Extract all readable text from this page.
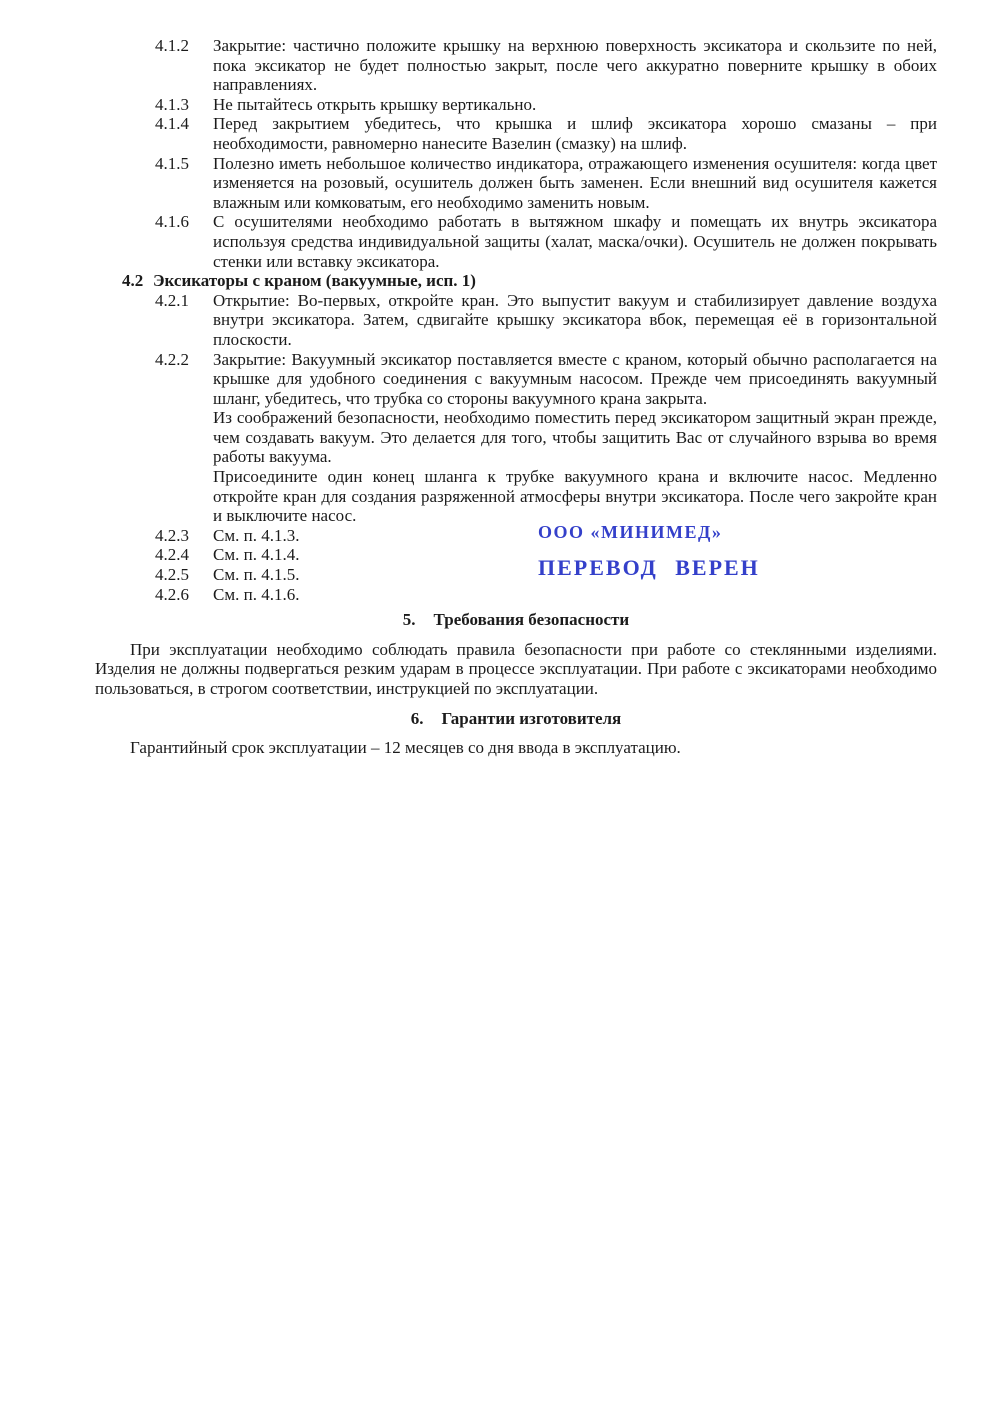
4.1.2	Закрытие: частично положите крышку на верхнюю поверхность эксикатора и скользите по ней, пока эксикатор не будет полностью закрыт, после чего аккуратно поверните крышку в обоих направлениях.
4.1.3	Не пытайтесь открыть крышку вертикально.
4.1.4	Перед закрытием убедитесь, что крышка и шлиф эксикатора хорошо смазаны – при необходимости, равномерно нанесите Вазелин (смазку) на шлиф.
4.1.5	Полезно иметь небольшое количество индикатора, отражающего изменения осушителя: когда цвет изменяется на розовый, осушитель должен быть заменен. Если внешний вид осушителя кажется влажным или комковатым, его необходимо заменить новым.
4.1.6	С осушителями необходимо работать в вытяжном шкафу и помещать их внутрь эксикатора используя средства индивидуальной защиты (халат, маска/очки). Осушитель не должен покрывать стенки или вставку эксикатора.
4.2 Эксикаторы с краном (вакуумные, исп. 1)
4.2.1	Открытие: Во-первых, откройте кран. Это выпустит вакуум и стабилизирует давление воздуха внутри эксикатора. Затем, сдвигайте крышку эксикатора вбок, перемещая её в горизонтальной плоскости.
4.2.2	Закрытие: Вакуумный эксикатор поставляется вместе с краном, который обычно располагается на крышке для удобного соединения с вакуумным насосом. Прежде чем присоединять вакуумный шланг, убедитесь, что трубка со стороны вакуумного крана закрыта.
Из соображений безопасности, необходимо поместить перед эксикатором защитный экран прежде, чем создавать вакуум. Это делается для того, чтобы защитить Вас от случайного взрыва во время работы вакуума.
Присоедините один конец шланга к трубке вакуумного крана и включите насос. Медленно откройте кран для создания разряженной атмосферы внутри эксикатора. После чего закройте кран и выключите насос.
4.2.3	См. п. 4.1.3.
4.2.4	См. п. 4.1.4.
4.2.5	См. п. 4.1.5.
4.2.6	См. п. 4.1.6.
5. Требования безопасности
При эксплуатации необходимо соблюдать правила безопасности при работе со стеклянными изделиями. Изделия не должны подвергаться резким ударам в процессе эксплуатации. При работе с эксикаторами необходимо пользоваться, в строгом соответствии, инструкцией по эксплуатации.
6. Гарантии изготовителя
Гарантийный срок эксплуатации – 12 месяцев со дня ввода в эксплуатацию.
ООО «МИНИМЕД»
ПЕРЕВОД ВЕРЕН
